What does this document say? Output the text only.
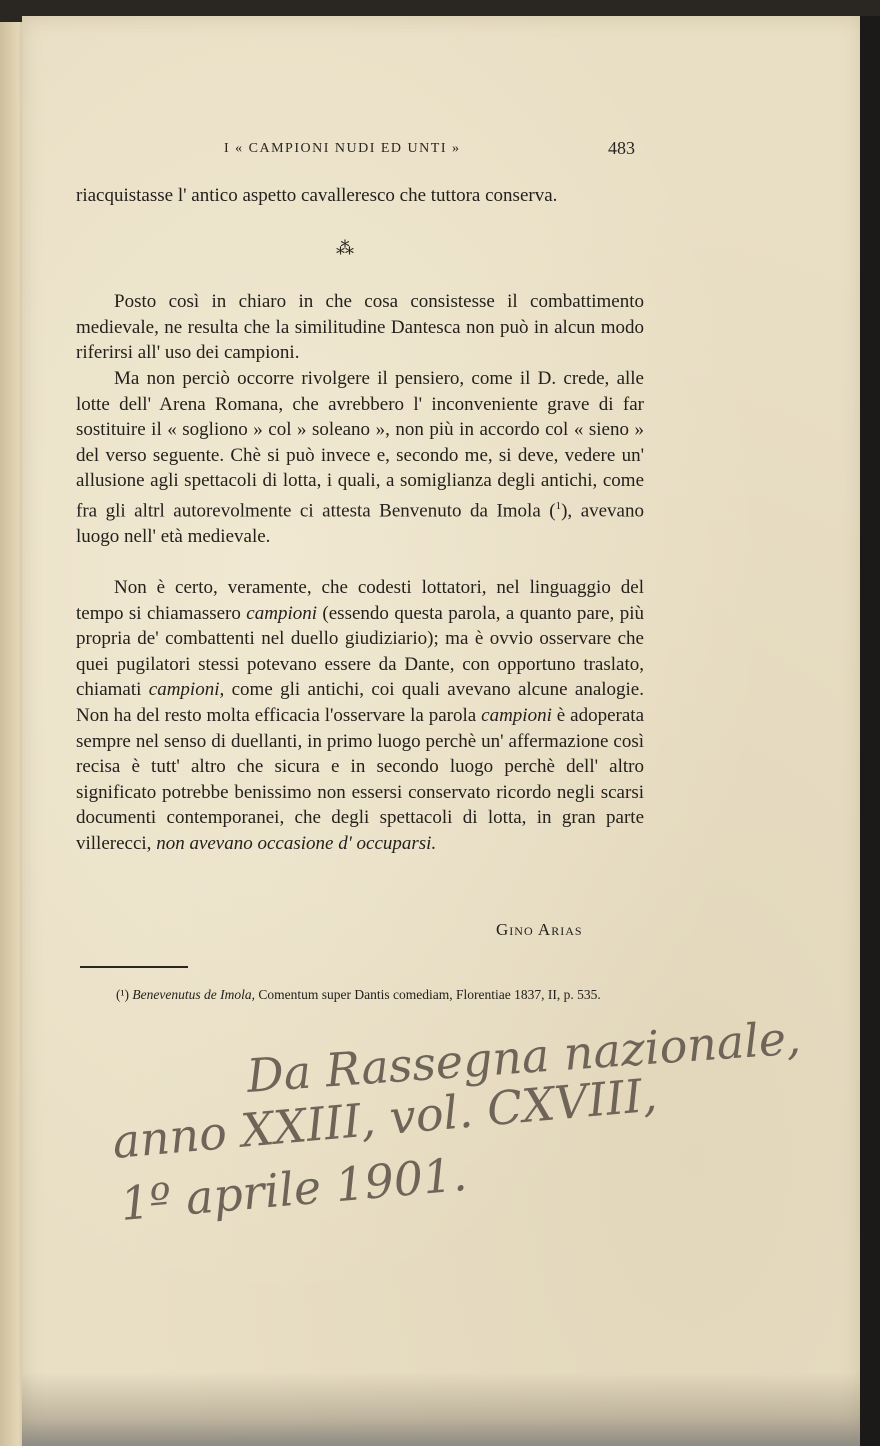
I « CAMPIONI NUDI ED UNTI »	483

riacquistasse l' antico aspetto cavalleresco che tuttora conserva.

⁂

Posto così in chiaro in che cosa consistesse il combattimento medievale, ne resulta che la similitudine Dantesca non può in alcun modo riferirsi all' uso dei campioni.

Ma non perciò occorre rivolgere il pensiero, come il D. crede, alle lotte dell' Arena Romana, che avrebbero l' inconveniente grave di far sostituire il « sogliono » col » soleano », non più in accordo col « sieno » del verso seguente. Chè si può invece e, secondo me, si deve, vedere un' allusione agli spettacoli di lotta, i quali, a somiglianza degli antichi, come fra gli altrl autorevolmente ci attesta Benvenuto da Imola ($^1$), avevano luogo nell' età medievale.

Non è certo, veramente, che codesti lottatori, nel linguaggio del tempo si chiamassero campioni (essendo questa parola, a quanto pare, più propria de' combattenti nel duello giudiziario); ma è ovvio osservare che quei pugilatori stessi potevano essere da Dante, con opportuno traslato, chiamati campioni, come gli antichi, coi quali avevano alcune analogie. Non ha del resto molta efficacia l'osservare la parola campioni è adoperata sempre nel senso di duellanti, in primo luogo perchè un' affermazione così recisa è tutt' altro che sicura e in secondo luogo perchè dell' altro significato potrebbe benissimo non essersi conservato ricordo negli scarsi documenti contemporanei, che degli spettacoli di lotta, in gran parte villerecci, non avevano occasione d' occuparsi.

Gino Arias

(¹) Benevenutus de Imola, Comentum super Dantis comediam, Florentiae 1837, II, p. 535.

Da Rassegna nazionale,
anno XXIII, vol. CXVIII,
1º aprile 1901.
